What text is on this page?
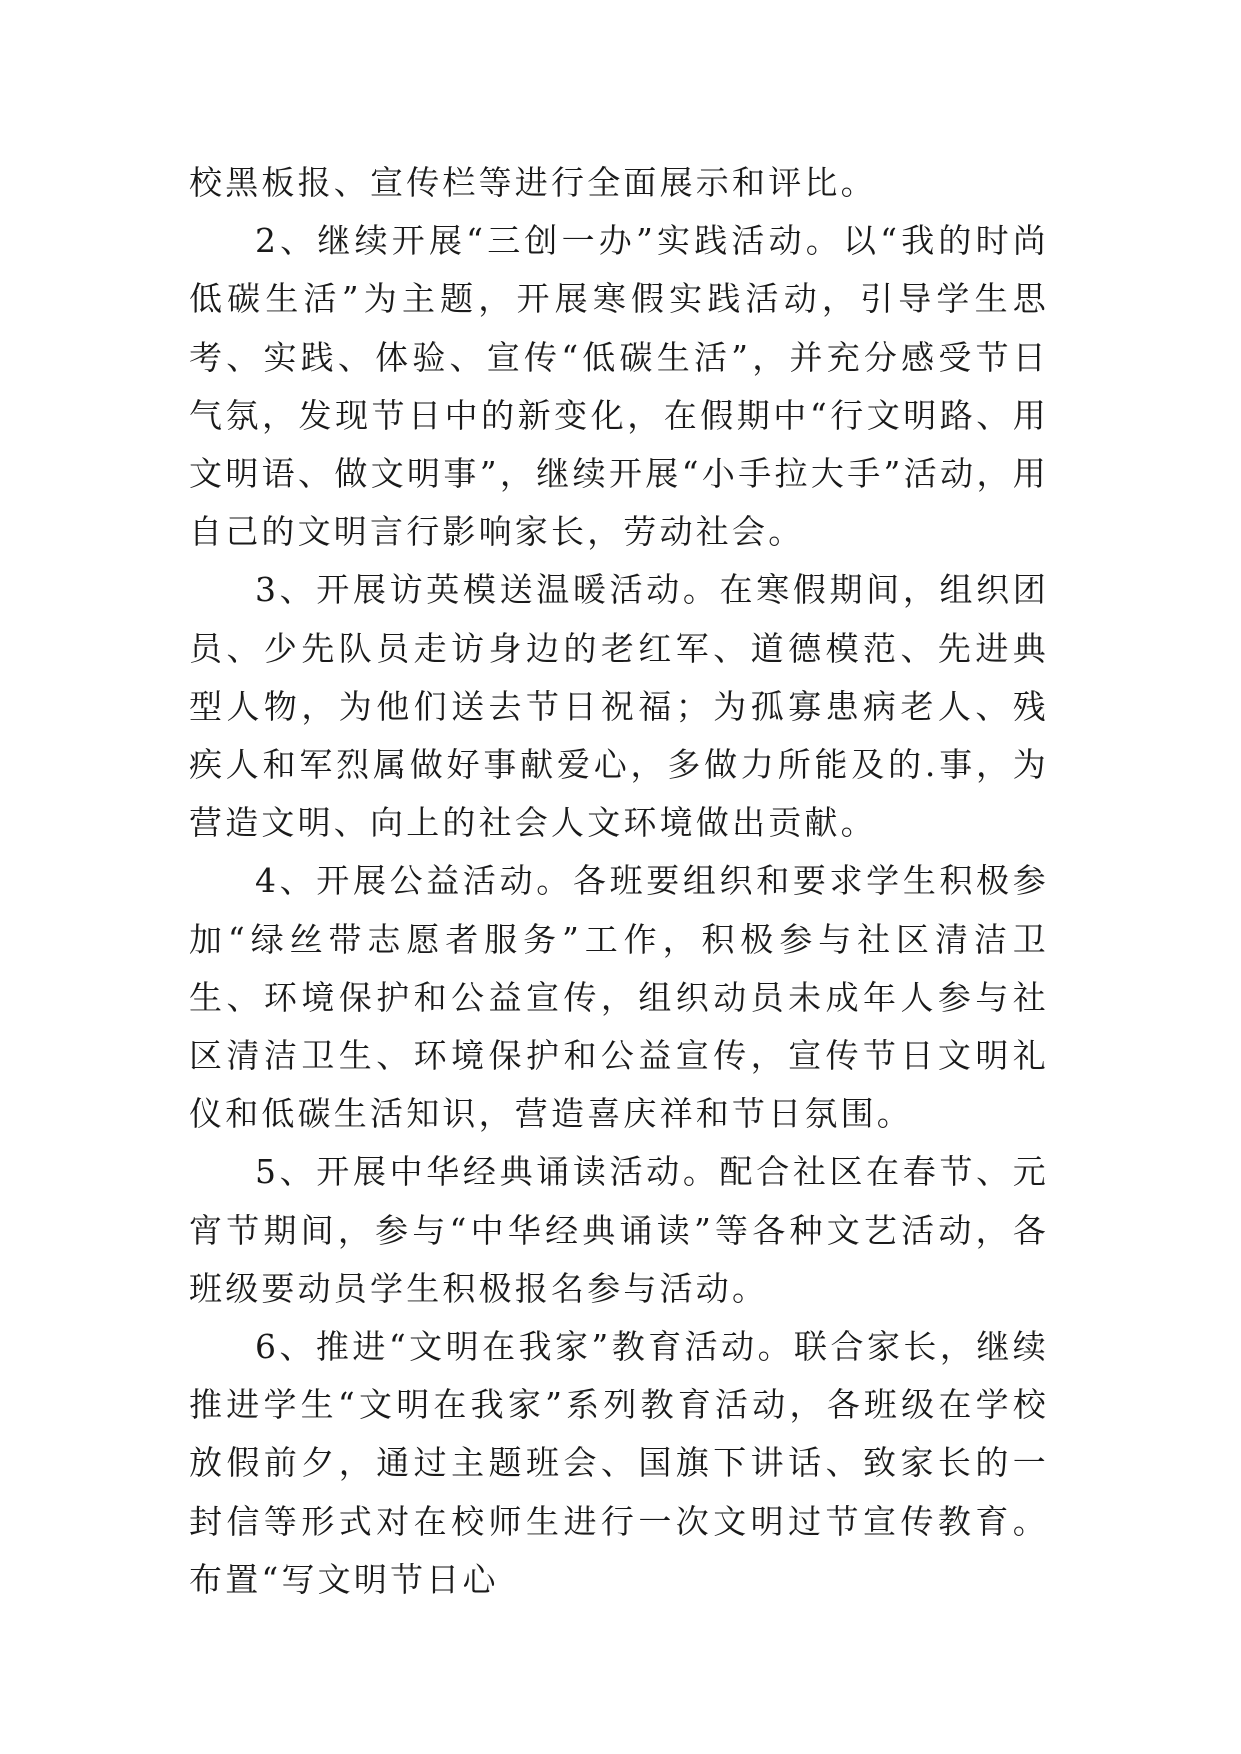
校黑板报、宣传栏等进行全面展示和评比。

2、继续开展“三创一办”实践活动。以“我的时尚低碳生活”为主题，开展寒假实践活动，引导学生思考、实践、体验、宣传“低碳生活”，并充分感受节日气氛，发现节日中的新变化，在假期中“行文明路、用文明语、做文明事”，继续开展“小手拉大手”活动，用自己的文明言行影响家长，劳动社会。

3、开展访英模送温暖活动。在寒假期间，组织团员、少先队员走访身边的老红军、道德模范、先进典型人物，为他们送去节日祝福；为孤寡患病老人、残疾人和军烈属做好事献爱心，多做力所能及的.事，为营造文明、向上的社会人文环境做出贡献。

4、开展公益活动。各班要组织和要求学生积极参加“绿丝带志愿者服务”工作，积极参与社区清洁卫生、环境保护和公益宣传，组织动员未成年人参与社区清洁卫生、环境保护和公益宣传，宣传节日文明礼仪和低碳生活知识，营造喜庆祥和节日氛围。

5、开展中华经典诵读活动。配合社区在春节、元宵节期间，参与“中华经典诵读”等各种文艺活动，各班级要动员学生积极报名参与活动。

6、推进“文明在我家”教育活动。联合家长，继续推进学生“文明在我家”系列教育活动，各班级在学校放假前夕，通过主题班会、国旗下讲话、致家长的一封信等形式对在校师生进行一次文明过节宣传教育。布置“写文明节日心
